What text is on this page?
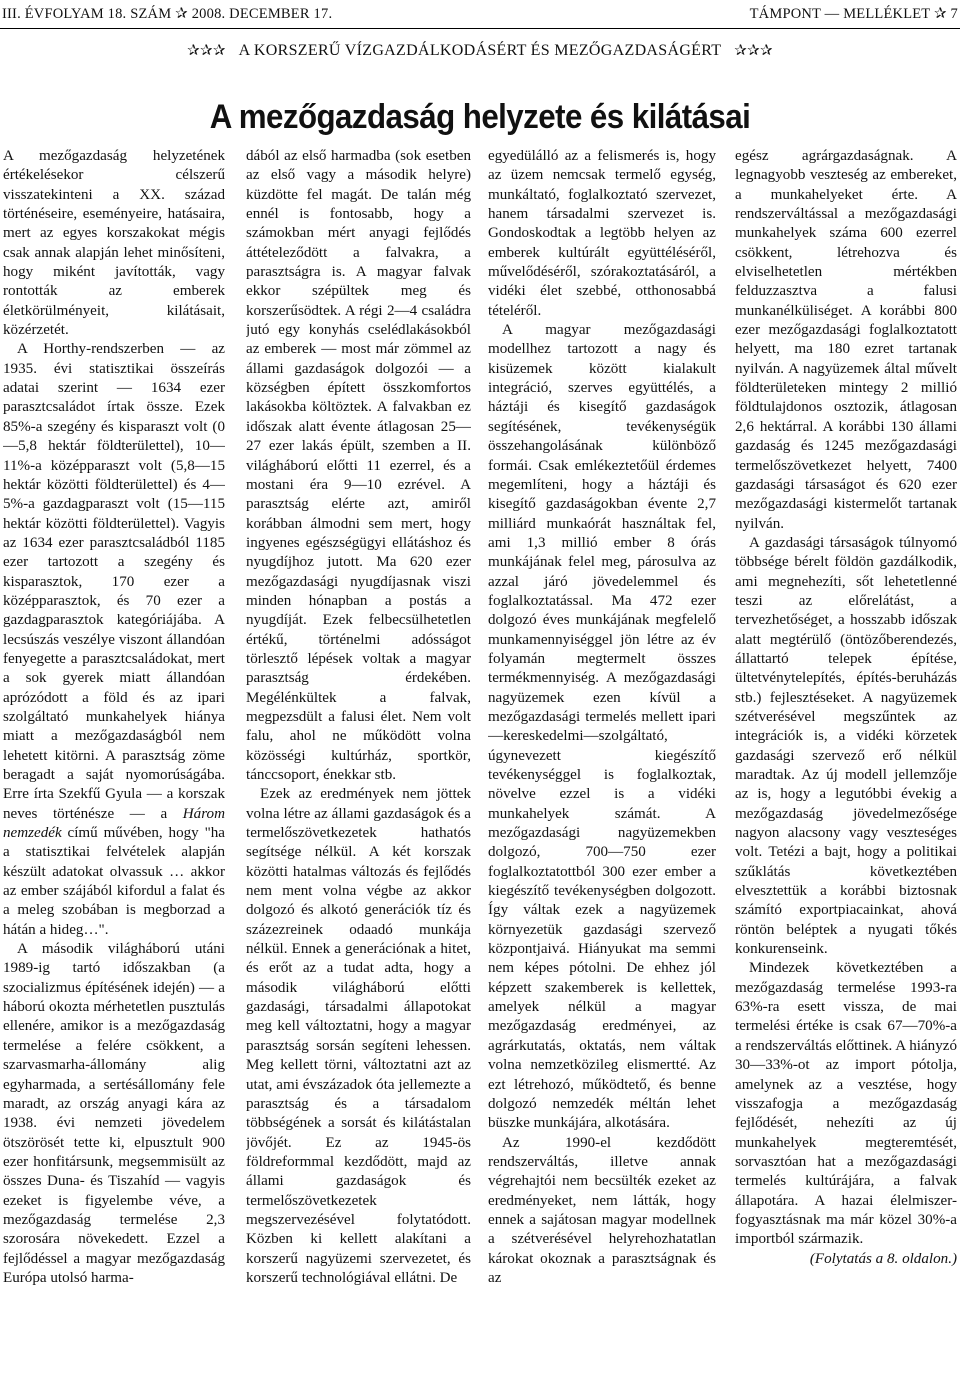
III. ÉVFOLYAM 18. SZÁM ✰ 2008. DECEMBER 17.	TÁMPONT — MELLÉKLET ✰ 7
✰✰✰ A KORSZERŰ VÍZGAZDÁLKODÁSÉRT ÉS MEZŐGAZDASÁGÉRT ✰✰✰
A mezőgazdaság helyzete és kilátásai

A mezőgazdaság helyzetének értékelésekor célszerű visszatekinteni a XX. század történéseire, eseményeire, hatásaira, mert az egyes korszakokat mégis csak annak alapján lehet minősíteni, hogy miként javították, vagy rontották az emberek életkörülményeit, kilátásait, közérzetét.

A Horthy-rendszerben — az 1935. évi statisztikai összeírás adatai szerint — 1634 ezer parasztcsaládot írtak össze. Ezek 85%-a szegény és kisparaszt volt (0—5,8 hektár földterülettel), 10—11%-a középparaszt volt (5,8—15 hektár közötti földterülettel) és 4—5%-a gazdagparaszt volt (15—115 hektár közötti földterülettel). Vagyis az 1634 ezer parasztcsaládból 1185 ezer tartozott a szegény és kisparasztok, 170 ezer a középparasztok, és 70 ezer a gazdagparasztok kategóriájába. A lecsúszás veszélye viszont állandóan fenyegette a parasztcsaládokat, mert a sok gyerek miatt állandóan aprózódott a föld és az ipari szolgáltató munkahelyek hiánya miatt a mezőgazdaságból nem lehetett kitörni. A parasztság zöme beragadt a saját nyomorúságába. Erre írta Szekfű Gyula — a korszak neves történésze — a Három nemzedék című művében, hogy "ha a statisztikai felvételek alapján készült adatokat olvassuk … akkor az ember szájából kifordul a falat és a meleg szobában is megborzad a hátán a hideg…".

A második világháború utáni 1989-ig tartó időszakban (a szocializmus építésének idején) — a háború okozta mérhetetlen pusztulás ellenére, amikor is a mezőgazdaság termelése a felére csökkent, a szarvasmarha-állomány alig egyharmada, a sertésállomány fele maradt, az ország anyagi kára az 1938. évi nemzeti jövedelem ötszörösét tette ki, elpusztult 900 ezer honfitársunk, megsemmisült az összes Duna- és Tiszahíd — vagyis ezeket is figyelembe véve, a mezőgazdaság termelése 2,3 szorosára növekedett. Ezzel a fejlődéssel a magyar mezőgazdaság Európa utolsó harma-

dából az első harmadba (sok esetben az első vagy a második helyre) küzdötte fel magát. De talán még ennél is fontosabb, hogy a számokban mért anyagi fejlődés áttételeződött a falvakra, a parasztságra is. A magyar falvak ekkor szépültek meg és korszerűsödtek. A régi 2—4 családra jutó egy konyhás cselédlakásokból az emberek — most már zömmel az állami gazdaságok dolgozói — a községben épített összkomfortos lakásokba költöztek. A falvakban ez időszak alatt évente átlagosan 25—27 ezer lakás épült, szemben a II. világháború előtti 11 ezerrel, és a mostani éra 9—10 ezrével. A parasztság elérte azt, amiről korábban álmodni sem mert, hogy ingyenes egészségügyi ellátáshoz és nyugdíjhoz jutott. Ma 620 ezer mezőgazdasági nyugdíjasnak viszi minden hónapban a postás a nyugdíját. Ezek felbecsülhetetlen értékű, történelmi adósságot törlesztő lépések voltak a magyar parasztság érdekében. Megélénkültek a falvak, megpezsdült a falusi élet. Nem volt falu, ahol ne működött volna közösségi kultúrház, sportkör, tánccsoport, énekkar stb.

Ezek az eredmények nem jöttek volna létre az állami gazdaságok és a termelőszövetkezetek hathatós segítsége nélkül. A két korszak közötti hatalmas változás és fejlődés nem ment volna végbe az akkor dolgozó és alkotó generációk tíz és százezreinek odaadó munkája nélkül. Ennek a generációnak a hitet, és erőt az a tudat adta, hogy a második világháború előtti gazdasági, társadalmi állapotokat meg kell változtatni, hogy a magyar parasztság sorsán segíteni lehessen. Meg kellett törni, változtatni azt az utat, ami évszázadok óta jellemezte a parasztság és a társadalom többségének a sorsát és kilátástalan jövőjét. Ez az 1945-ös földreformmal kezdődött, majd az állami gazdaságok és termelőszövetkezetek megszervezésével folytatódott. Közben ki kellett alakítani a korszerű nagyüzemi szervezetet, és korszerű technológiával ellátni. De

egyedülálló az a felismerés is, hogy az üzem nemcsak termelő egység, munkáltató, foglalkoztató szervezet, hanem társadalmi szervezet is. Gondoskodtak a legtöbb helyen az emberek kultúrált együttéléséről, művelődéséről, szórakoztatásáról, a vidéki élet szebbé, otthonosabbá tételéről.

A magyar mezőgazdasági modellhez tartozott a nagy és kisüzemek között kialakult integráció, szerves együttélés, a háztáji és kisegítő gazdaságok segítésének, tevékenységük összehangolásának különböző formái. Csak emlékeztetőül érdemes megemlíteni, hogy a háztáji és kisegítő gazdaságokban évente 2,7 milliárd munkaórát használtak fel, ami 1,3 millió ember 8 órás munkájának felel meg, párosulva az azzal járó jövedelemmel és foglalkoztatással. Ma 472 ezer dolgozó éves munkájának megfelelő munkamennyiséggel jön létre az év folyamán megtermelt összes termékmennyiség. A mezőgazdasági nagyüzemek ezen kívül a mezőgazdasági termelés mellett ipari—kereskedelmi—szolgáltató, úgynevezett kiegészítő tevékenységgel is foglalkoztak, növelve ezzel is a vidéki munkahelyek számát. A mezőgazdasági nagyüzemekben dolgozó, 700—750 ezer foglalkoztatottból 300 ezer ember a kiegészítő tevékenységben dolgozott. Így váltak ezek a nagyüzemek környezetük gazdasági szervező központjaivá. Hiányukat ma semmi nem képes pótolni. De ehhez jól képzett szakemberek is kellettek, amelyek nélkül a magyar mezőgazdaság eredményei, az agrárkutatás, oktatás, nem váltak volna nemzetközileg elismertté. Az ezt létrehozó, működtető, és benne dolgozó nemzedék méltán lehet büszke munkájára, alkotására.

Az 1990-el kezdődött rendszerváltás, illetve annak végrehajtói nem becsülték ezeket az eredményeket, nem látták, hogy ennek a sajátosan magyar modellnek a szétverésével helyrehozhatatlan károkat okoznak a parasztságnak és az

egész agrárgazdaságnak. A legnagyobb veszteség az embereket, a munkahelyeket érte. A rendszerváltással a mezőgazdasági munkahelyek száma 600 ezerrel csökkent, létrehozva és elviselhetetlen mértékben felduzzasztva a falusi munkanélküliséget. A korábbi 800 ezer mezőgazdasági foglalkoztatott helyett, ma 180 ezret tartanak nyilván. A nagyüzemek által művelt földterületeken mintegy 2 millió földtulajdonos osztozik, átlagosan 2,6 hektárral. A korábbi 130 állami gazdaság és 1245 mezőgazdasági termelőszövetkezet helyett, 7400 gazdasági társaságot és 620 ezer mezőgazdasági kistermelőt tartanak nyilván.

A gazdasági társaságok túlnyomó többsége bérelt földön gazdálkodik, ami megnehezíti, sőt lehetetlenné teszi az előrelátást, a tervezhetőséget, a hosszabb időszak alatt megtérülő (öntözőberendezés, állattartó telepek építése, ültetvénytelepítés, építés-beruházás stb.) fejlesztéseket. A nagyüzemek szétverésével megszűntek az integrációk is, a vidéki körzetek gazdasági szervező erő nélkül maradtak. Az új modell jellemzője az is, hogy a legutóbbi évekig a mezőgazdaság jövedelmezősége nagyon alacsony vagy veszteséges volt. Tetézi a bajt, hogy a politikai szűklátás következtében elvesztettük a korábbi biztosnak számító exportpiacainkat, ahová röntön beléptek a nyugati tőkés konkurenseink.

Mindezek következtében a mezőgazdaság termelése 1993-ra 63%-ra esett vissza, de mai termelési értéke is csak 67—70%-a a rendszerváltás előttinek. A hiányzó 30—33%-ot az import pótolja, amelynek az a vesztése, hogy visszafogja a mezőgazdaság fejlődését, nehezíti az új munkahelyek megteremtését, sorvasztóan hat a mezőgazdasági termelés kultúrájára, a falvak állapotára. A hazai élelmiszer-fogyasztásnak ma már közel 30%-a importból származik.

(Folytatás a 8. oldalon.)
